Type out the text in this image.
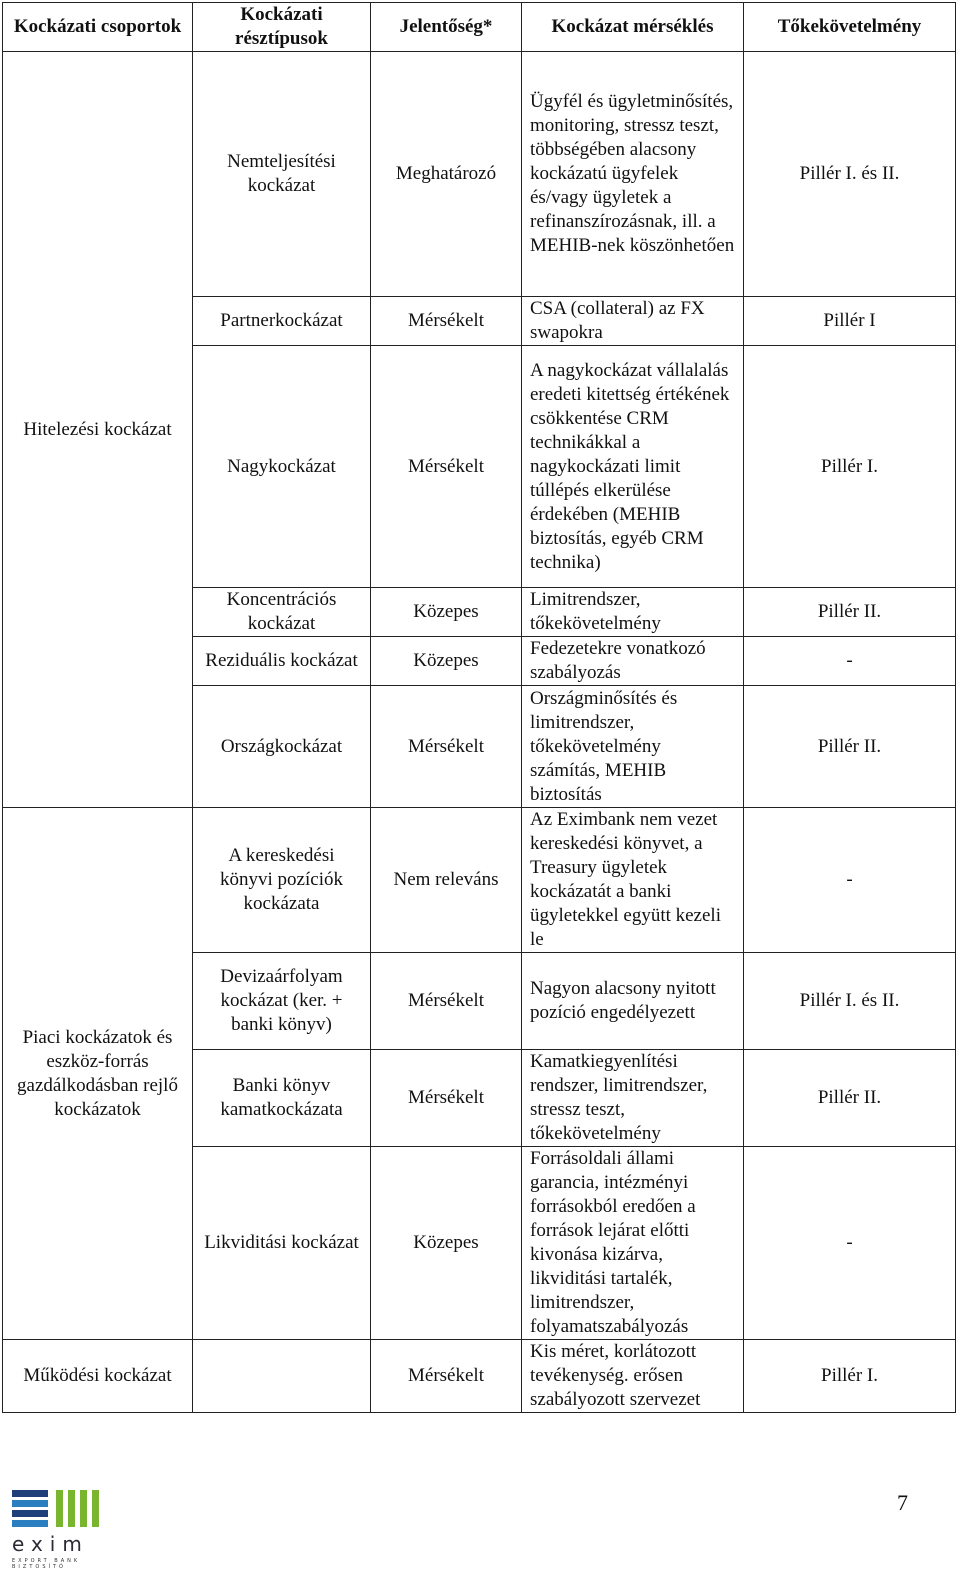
Kockázati csoportok	Kockázati résztípusok	Jelentőség*	Kockázat mérséklés	Tőkekövetelmény
Hitelezési kockázat	Nemteljesítési kockázat	Meghatározó	Ügyfél és ügyletminősítés, monitoring, stressz teszt, többségében alacsony kockázatú ügyfelek és/vagy ügyletek a refinanszírozásnak, ill. a MEHIB-nek köszönhetően	Pillér I. és II.
	Partnerkockázat	Mérsékelt	CSA (collateral) az FX swapokra	Pillér I
	Nagykockázat	Mérsékelt	A nagykockázat vállalalás eredeti kitettség értékének csökkentése CRM technikákkal a nagykockázati limit túllépés elkerülése érdekében (MEHIB biztosítás, egyéb CRM technika)	Pillér I.
	Koncentrációs kockázat	Közepes	Limitrendszer, tőkekövetelmény	Pillér II.
	Reziduális kockázat	Közepes	Fedezetekre vonatkozó szabályozás	-
	Országkockázat	Mérsékelt	Országminősítés és limitrendszer, tőkekövetelmény számítás, MEHIB biztosítás	Pillér II.
Piaci kockázatok és eszköz-forrás gazdálkodásban rejlő kockázatok	A kereskedési könyvi pozíciók kockázata	Nem releváns	Az Eximbank nem vezet kereskedési könyvet, a Treasury ügyletek kockázatát a banki ügyletekkel együtt kezeli le	-
	Devizaárfolyam kockázat (ker. + banki könyv)	Mérsékelt	Nagyon alacsony nyitott pozíció engedélyezett	Pillér I. és II.
	Banki könyv kamatkockázata	Mérsékelt	Kamatkiegyenlítési rendszer, limitrendszer, stressz teszt, tőkekövetelmény	Pillér II.
	Likviditási kockázat	Közepes	Forrásoldali állami garancia, intézményi forrásokból eredően a források lejárat előtti kivonása kizárva, likviditási tartalék, limitrendszer, folyamatszabályozás	-
Működési kockázat		Mérsékelt	Kis méret, korlátozott tevékenység. erősen szabályozott szervezet	Pillér I.
exim
EXPORT BANK BIZTOSÍTÓ
7
